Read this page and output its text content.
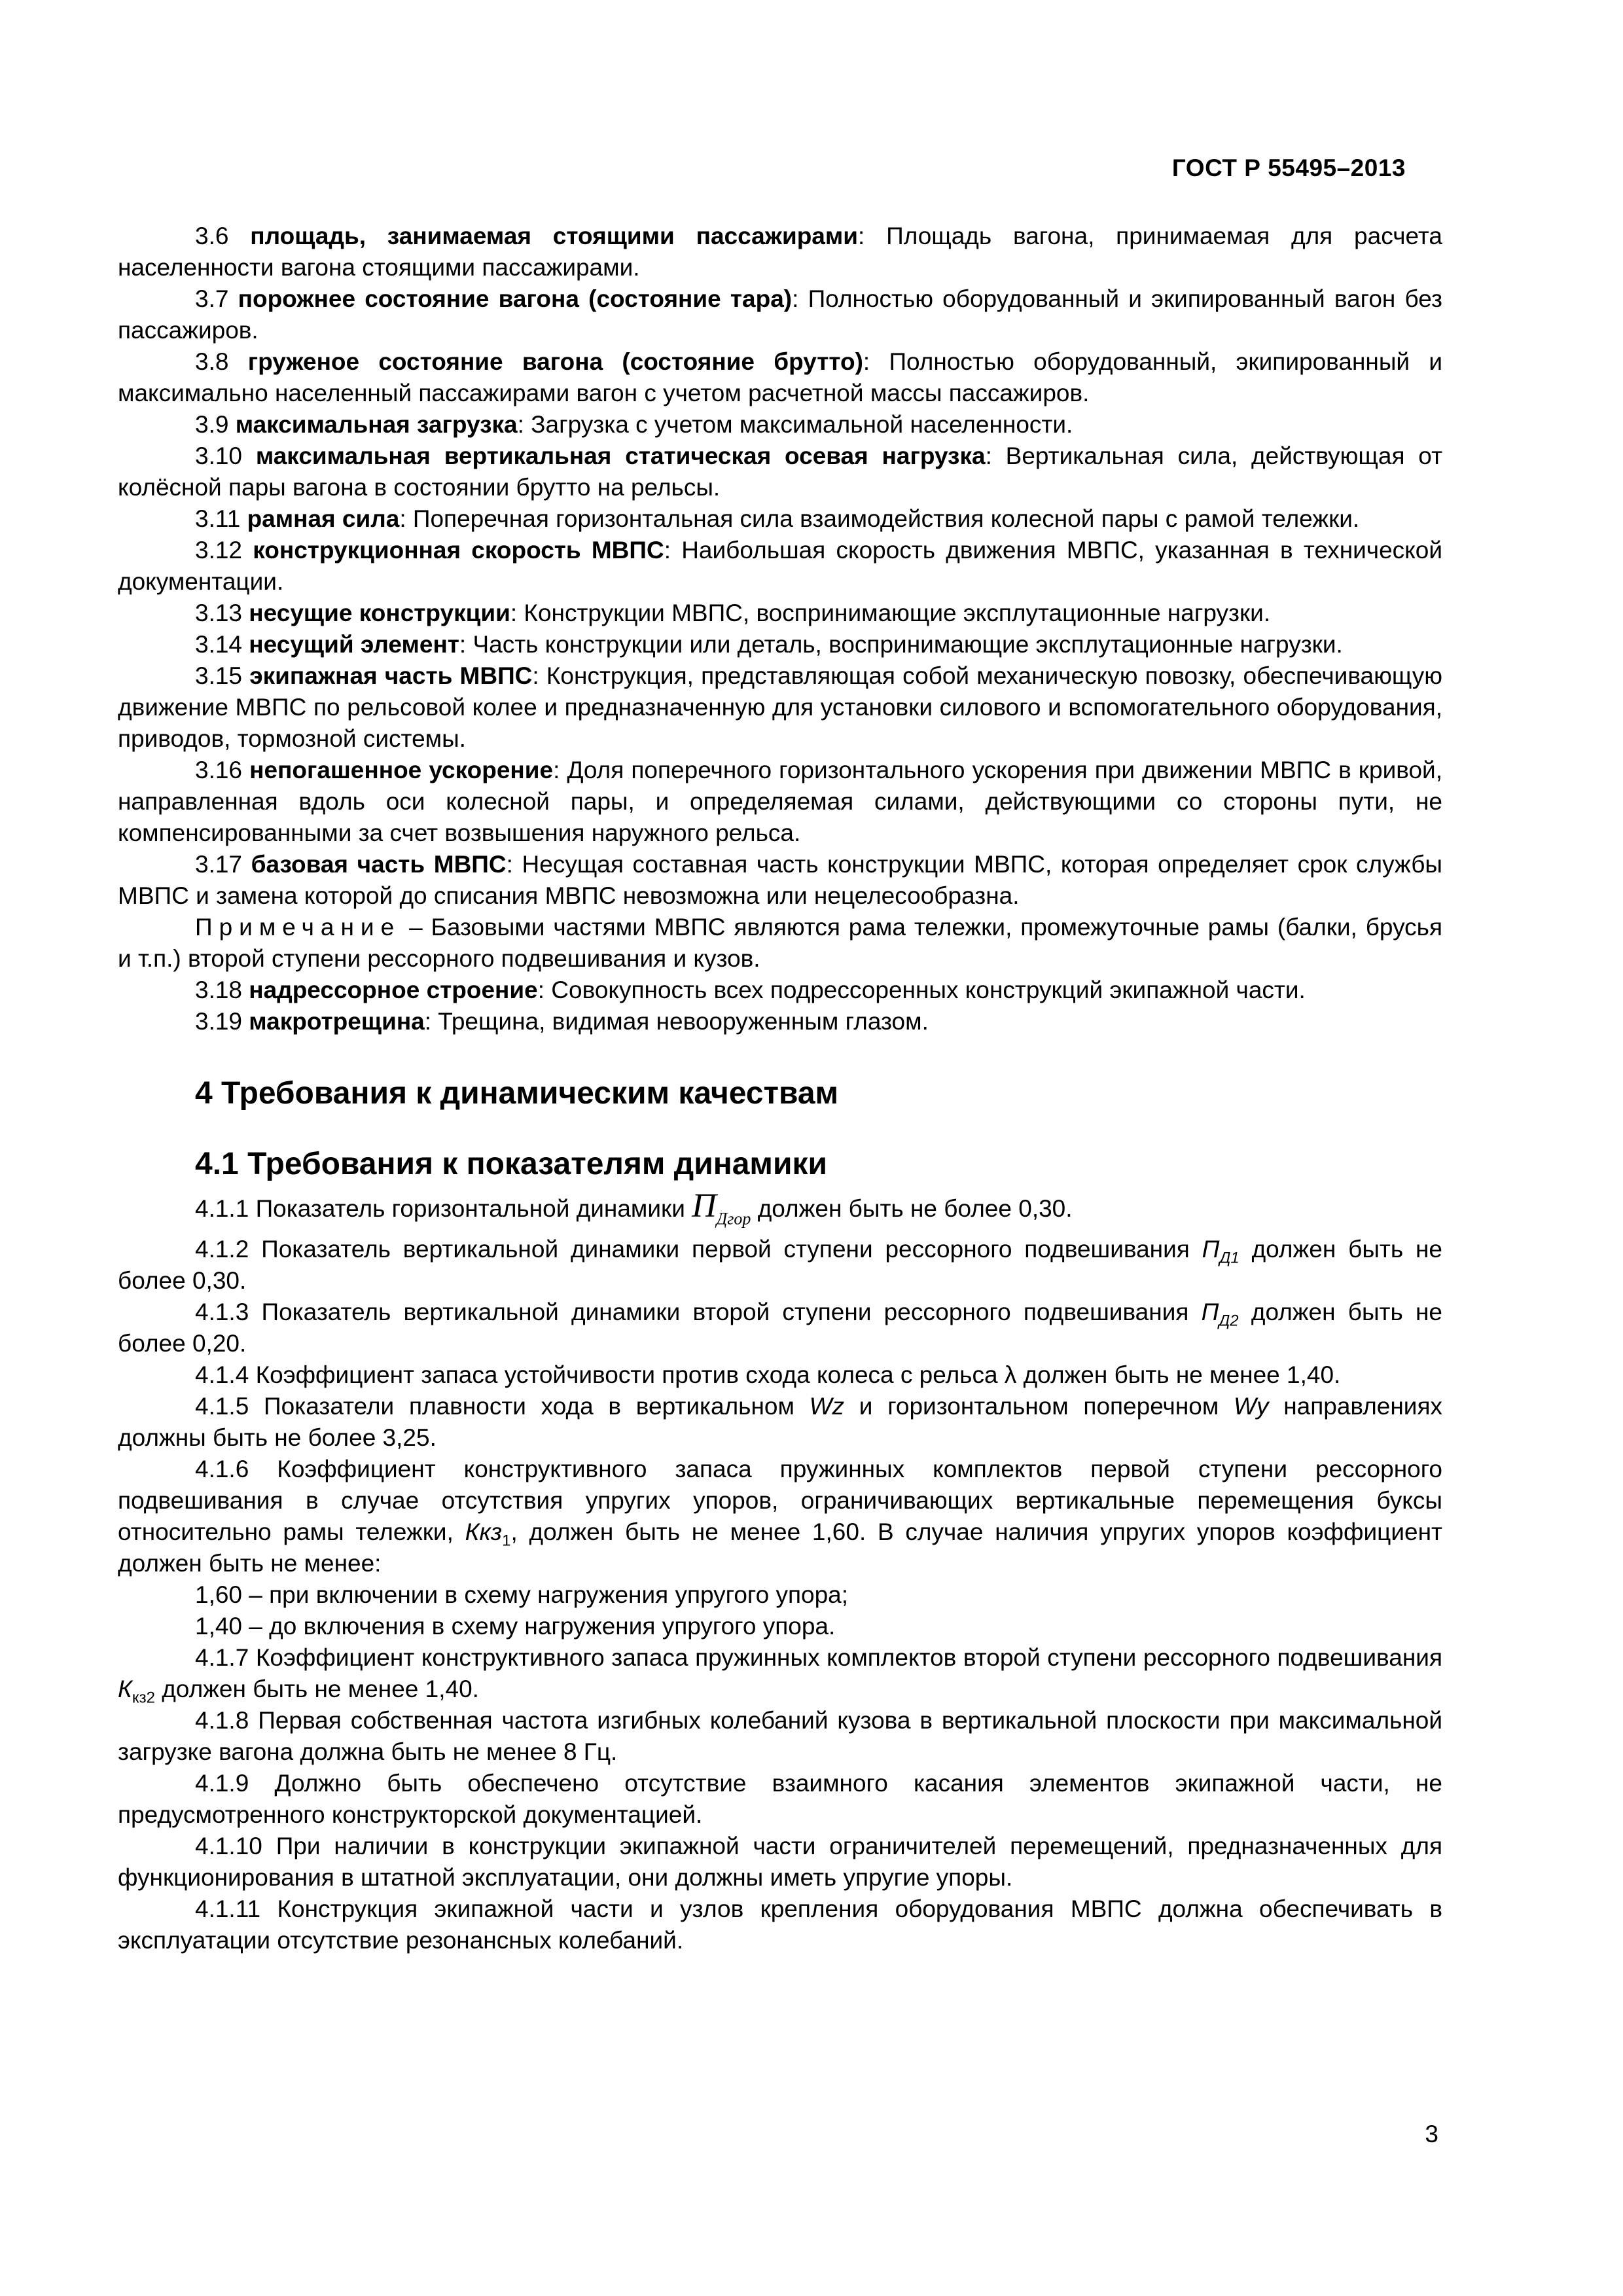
ГОСТ Р 55495–2013

3.6 площадь, занимаемая стоящими пассажирами: Площадь вагона, принимаемая для расчета населенности вагона стоящими пассажирами.

3.7 порожнее состояние вагона (состояние тара): Полностью оборудованный и экипированный вагон без пассажиров.

3.8 груженое состояние вагона (состояние брутто): Полностью оборудованный, экипированный и максимально населенный пассажирами вагон с учетом расчетной массы пассажиров.

3.9 максимальная загрузка: Загрузка с учетом максимальной населенности.

3.10 максимальная вертикальная статическая осевая нагрузка: Вертикальная сила, действующая от колёсной пары вагона в состоянии брутто на рельсы.

3.11 рамная сила: Поперечная горизонтальная сила взаимодействия колесной пары с рамой тележки.

3.12 конструкционная скорость МВПС: Наибольшая скорость движения МВПС, указанная в технической документации.

3.13 несущие конструкции: Конструкции МВПС, воспринимающие эксплутационные нагрузки.

3.14 несущий элемент: Часть конструкции или деталь, воспринимающие эксплутационные нагрузки.

3.15 экипажная часть МВПС: Конструкция, представляющая собой механическую повозку, обеспечивающую движение МВПС по рельсовой колее и предназначенную для установки силового и вспомогательного оборудования, приводов, тормозной системы.

3.16 непогашенное ускорение: Доля поперечного горизонтального ускорения при движении МВПС в кривой, направленная вдоль оси колесной пары, и определяемая силами, действующими со стороны пути, не компенсированными за счет возвышения наружного рельса.

3.17 базовая часть МВПС: Несущая составная часть конструкции МВПС, которая определяет срок службы МВПС и замена которой до списания МВПС невозможна или нецелесообразна.

Примечание – Базовыми частями МВПС являются рама тележки, промежуточные рамы (балки, брусья и т.п.) второй ступени рессорного подвешивания и кузов.

3.18 надрессорное строение: Совокупность всех подрессоренных конструкций экипажной части.

3.19 макротрещина: Трещина, видимая невооруженным глазом.

4 Требования к динамическим качествам
4.1 Требования к показателям динамики

4.1.1 Показатель горизонтальной динамики $П_{Дгор}$ должен быть не более 0,30.

4.1.2 Показатель вертикальной динамики первой ступени рессорного подвешивания $П_{Д1}$ должен быть не более 0,30.

4.1.3 Показатель вертикальной динамики второй ступени рессорного подвешивания $П_{Д2}$ должен быть не более 0,20.

4.1.4 Коэффициент запаса устойчивости против схода колеса с рельса λ должен быть не менее 1,40.

4.1.5 Показатели плавности хода в вертикальном Wz и горизонтальном поперечном Wy направлениях должны быть не более 3,25.

4.1.6 Коэффициент конструктивного запаса пружинных комплектов первой ступени рессорного подвешивания в случае отсутствия упругих упоров, ограничивающих вертикальные перемещения буксы относительно рамы тележки, Ккз$_1$, должен быть не менее 1,60. В случае наличия упругих упоров коэффициент должен быть не менее:

1,60 – при включении в схему нагружения упругого упора;

1,40 – до включения в схему нагружения упругого упора.

4.1.7 Коэффициент конструктивного запаса пружинных комплектов второй ступени рессорного подвешивания $К_{кз2}$ должен быть не менее 1,40.

4.1.8 Первая собственная частота изгибных колебаний кузова в вертикальной плоскости при максимальной загрузке вагона должна быть не менее 8 Гц.

4.1.9 Должно быть обеспечено отсутствие взаимного касания элементов экипажной части, не предусмотренного конструкторской документацией.

4.1.10 При наличии в конструкции экипажной части ограничителей перемещений, предназначенных для функционирования в штатной эксплуатации, они должны иметь упругие упоры.

4.1.11 Конструкция экипажной части и узлов крепления оборудования МВПС должна обеспечивать в эксплуатации отсутствие резонансных колебаний.

3
